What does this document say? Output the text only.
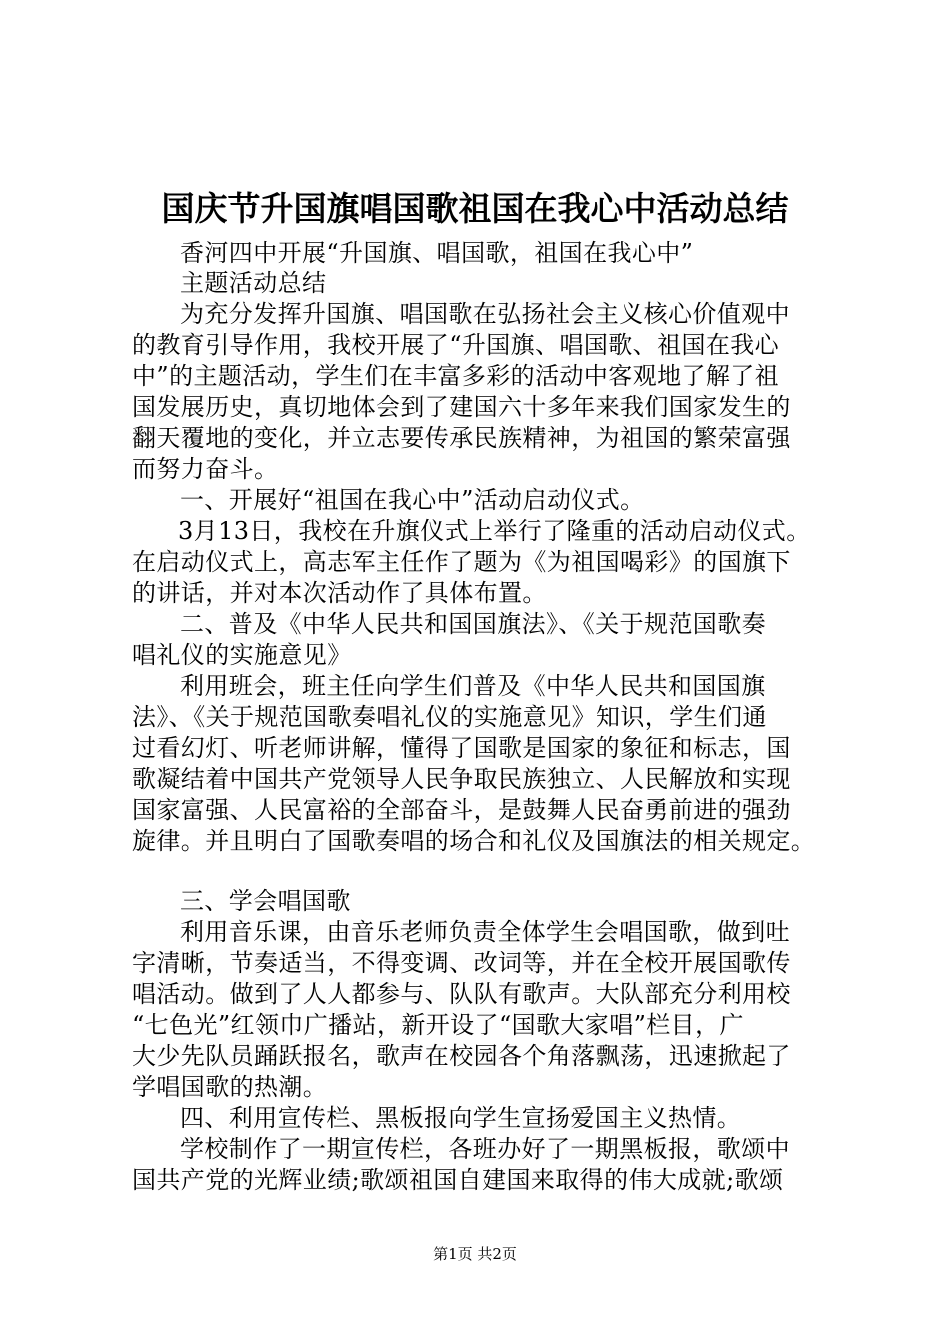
国庆节升国旗唱国歌祖国在我心中活动总结
香河四中开展“升国旗、唱国歌，祖国在我心中”
主题活动总结
为充分发挥升国旗、唱国歌在弘扬社会主义核心价值观中
的教育引导作用，我校开展了“升国旗、唱国歌、祖国在我心
中”的主题活动，学生们在丰富多彩的活动中客观地了解了祖
国发展历史，真切地体会到了建国六十多年来我们国家发生的
翻天覆地的变化，并立志要传承民族精神，为祖国的繁荣富强
而努力奋斗。
一、开展好“祖国在我心中”活动启动仪式。
3月13日，我校在升旗仪式上举行了隆重的活动启动仪式。
在启动仪式上，高志军主任作了题为《为祖国喝彩》的国旗下
的讲话，并对本次活动作了具体布置。
二、普及《中华人民共和国国旗法》、《关于规范国歌奏
唱礼仪的实施意见》
利用班会，班主任向学生们普及《中华人民共和国国旗
法》、《关于规范国歌奏唱礼仪的实施意见》知识，学生们通
过看幻灯、听老师讲解，懂得了国歌是国家的象征和标志，国
歌凝结着中国共产党领导人民争取民族独立、人民解放和实现
国家富强、人民富裕的全部奋斗，是鼓舞人民奋勇前进的强劲
旋律。并且明白了国歌奏唱的场合和礼仪及国旗法的相关规定。
三、学会唱国歌
利用音乐课，由音乐老师负责全体学生会唱国歌，做到吐
字清晰，节奏适当，不得变调、改词等，并在全校开展国歌传
唱活动。做到了人人都参与、队队有歌声。大队部充分利用校
“七色光”红领巾广播站，新开设了“国歌大家唱”栏目，广
大少先队员踊跃报名，歌声在校园各个角落飘荡，迅速掀起了
学唱国歌的热潮。
四、利用宣传栏、黑板报向学生宣扬爱国主义热情。
学校制作了一期宣传栏，各班办好了一期黑板报，歌颂中
国共产党的光辉业绩;歌颂祖国自建国来取得的伟大成就;歌颂
第1页 共2页
